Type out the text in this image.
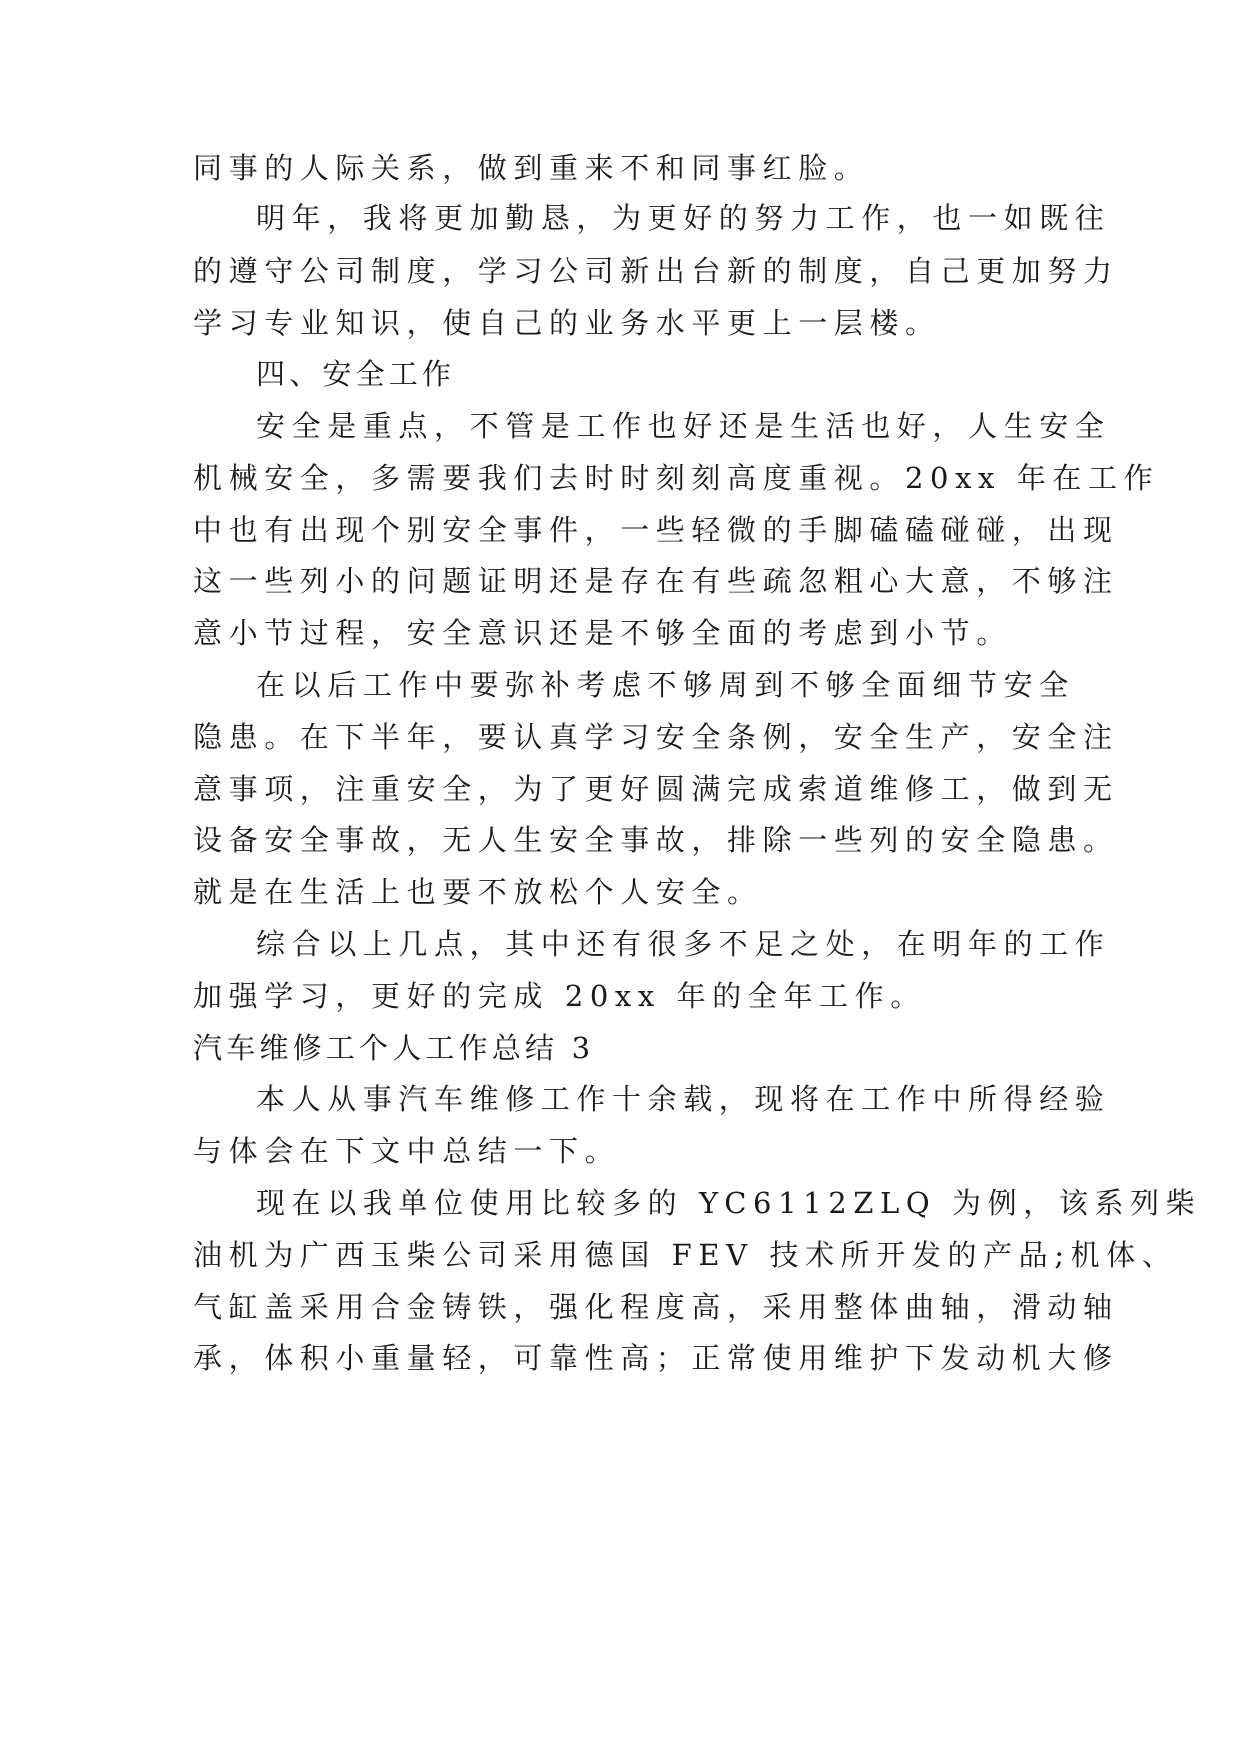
同事的人际关系，做到重来不和同事红脸。
明年，我将更加勤恳，为更好的努力工作，也一如既往
的遵守公司制度，学习公司新出台新的制度，自己更加努力
学习专业知识，使自己的业务水平更上一层楼。
四、安全工作
安全是重点，不管是工作也好还是生活也好，人生安全
机械安全，多需要我们去时时刻刻高度重视。20xx 年在工作
中也有出现个别安全事件，一些轻微的手脚磕磕碰碰，出现
这一些列小的问题证明还是存在有些疏忽粗心大意，不够注
意小节过程，安全意识还是不够全面的考虑到小节。
在以后工作中要弥补考虑不够周到不够全面细节安全
隐患。在下半年，要认真学习安全条例，安全生产，安全注
意事项，注重安全，为了更好圆满完成索道维修工，做到无
设备安全事故，无人生安全事故，排除一些列的安全隐患。
就是在生活上也要不放松个人安全。
综合以上几点，其中还有很多不足之处，在明年的工作
加强学习，更好的完成 20xx 年的全年工作。
汽车维修工个人工作总结 3
本人从事汽车维修工作十余载，现将在工作中所得经验
与体会在下文中总结一下。
现在以我单位使用比较多的 YC6112ZLQ 为例，该系列柴
油机为广西玉柴公司采用德国 FEV 技术所开发的产品;机体、
气缸盖采用合金铸铁，强化程度高，采用整体曲轴，滑动轴
承，体积小重量轻，可靠性高；正常使用维护下发动机大修
